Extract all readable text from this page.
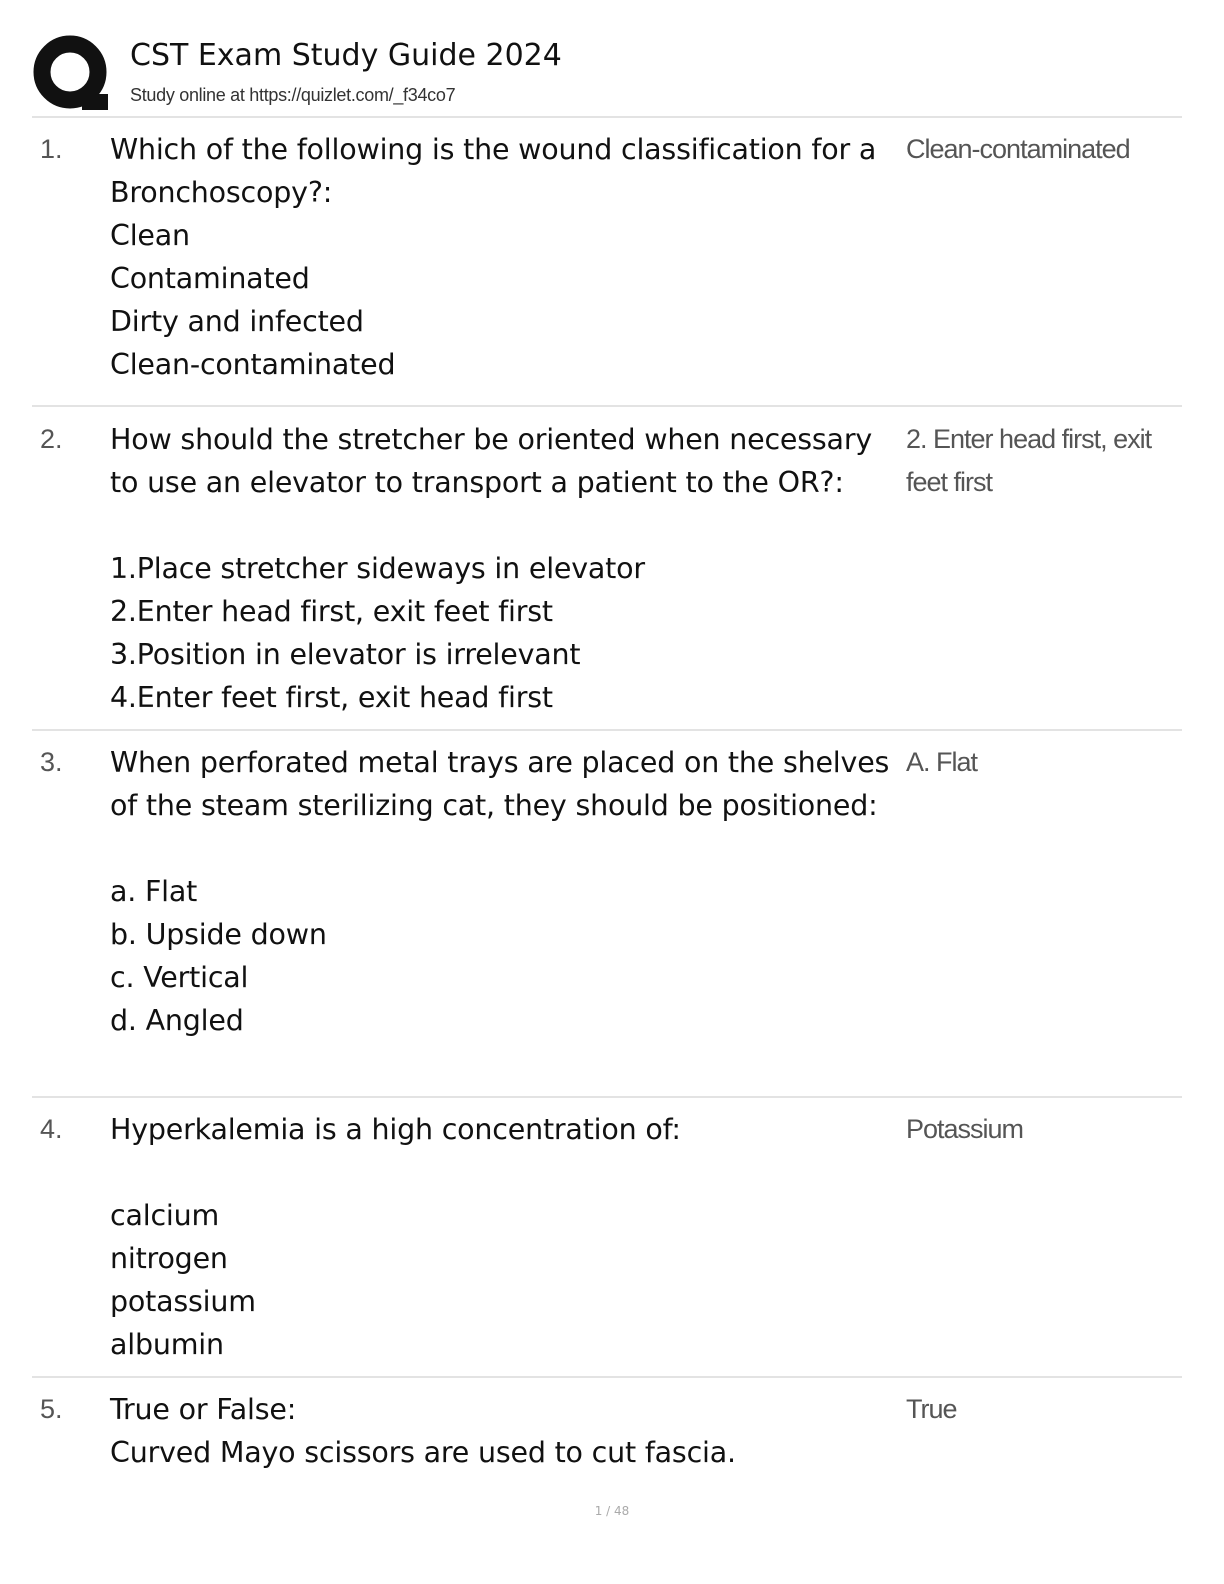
CST Exam Study Guide 2024
Study online at https://quizlet.com/_f34co7
1. Which of the following is the wound classification for a Bronchoscopy?:
Clean
Contaminated
Dirty and infected
Clean-contaminated
Clean-contaminated
2. How should the stretcher be oriented when necessary to use an elevator to transport a patient to the OR?:

1.Place stretcher sideways in elevator
2.Enter head first, exit feet first
3.Position in elevator is irrelevant
4.Enter feet first, exit head first
2. Enter head first, exit feet first
3. When perforated metal trays are placed on the shelves of the steam sterilizing cat, they should be positioned:

a. Flat
b. Upside down
c. Vertical
d. Angled
A. Flat
4. Hyperkalemia is a high concentration of:

calcium
nitrogen
potassium
albumin
Potassium
5. True or False:
Curved Mayo scissors are used to cut fascia.
True
1 / 48
